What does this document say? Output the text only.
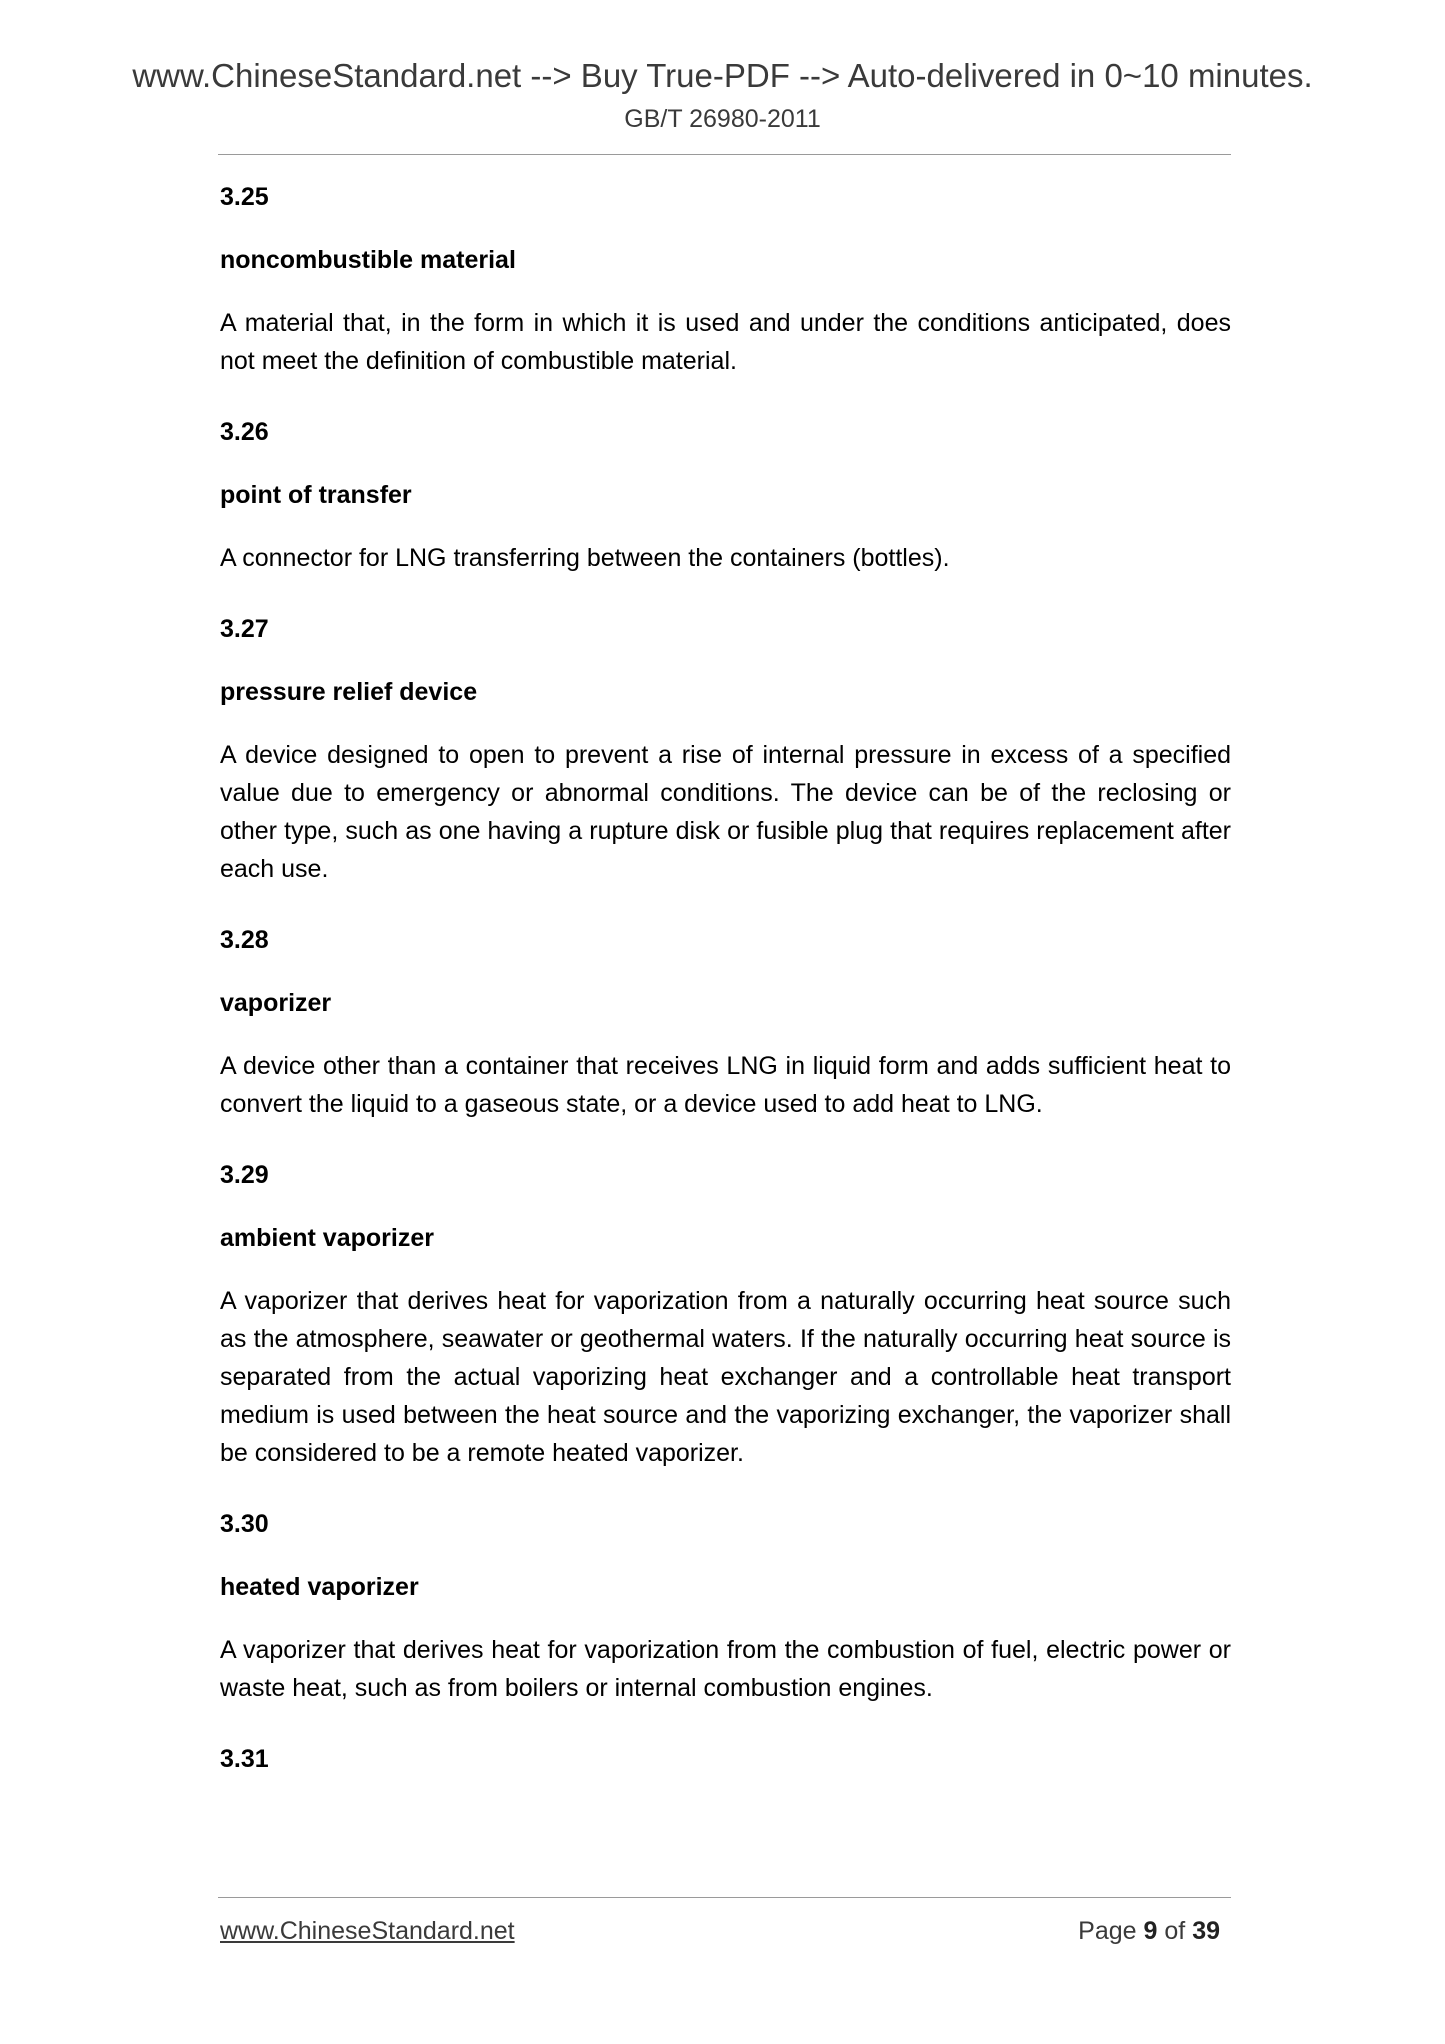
www.ChineseStandard.net --> Buy True-PDF --> Auto-delivered in 0~10 minutes.
GB/T 26980-2011

3.25

noncombustible material

A material that, in the form in which it is used and under the conditions anticipated, does not meet the definition of combustible material.

3.26

point of transfer

A connector for LNG transferring between the containers (bottles).

3.27

pressure relief device

A device designed to open to prevent a rise of internal pressure in excess of a specified value due to emergency or abnormal conditions. The device can be of the reclosing or other type, such as one having a rupture disk or fusible plug that requires replacement after each use.

3.28

vaporizer

A device other than a container that receives LNG in liquid form and adds sufficient heat to convert the liquid to a gaseous state, or a device used to add heat to LNG.

3.29

ambient vaporizer

A vaporizer that derives heat for vaporization from a naturally occurring heat source such as the atmosphere, seawater or geothermal waters. If the naturally occurring heat source is separated from the actual vaporizing heat exchanger and a controllable heat transport medium is used between the heat source and the vaporizing exchanger, the vaporizer shall be considered to be a remote heated vaporizer.

3.30

heated vaporizer

A vaporizer that derives heat for vaporization from the combustion of fuel, electric power or waste heat, such as from boilers or internal combustion engines.

3.31

www.ChineseStandard.net	Page 9 of 39
